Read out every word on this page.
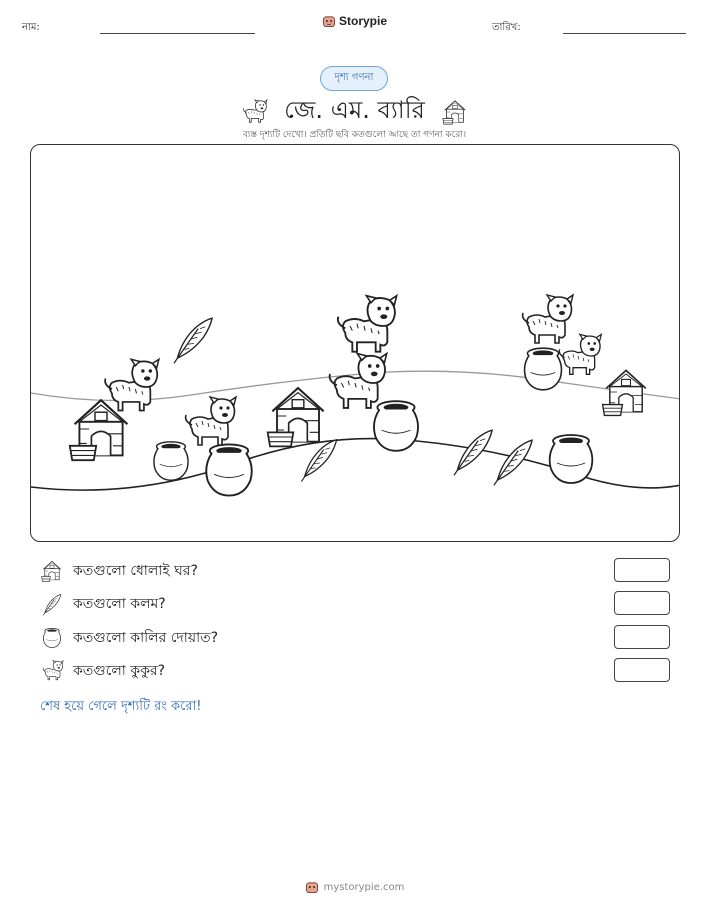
নাম:	Storypie	তারিখ:
দৃশ্য গণনা
জে. এম. ব্যারি
ব্যস্ত দৃশ্যটি দেখো। প্রতিটি ছবি কতগুলো আছে তা গণনা করো।
কতগুলো ধোলাই ঘর?
কতগুলো কলম?
কতগুলো কালির দোয়াত?
কতগুলো কুকুর?
শেষ হয়ে গেলে দৃশ্যটি রং করো!
mystorypie.com
